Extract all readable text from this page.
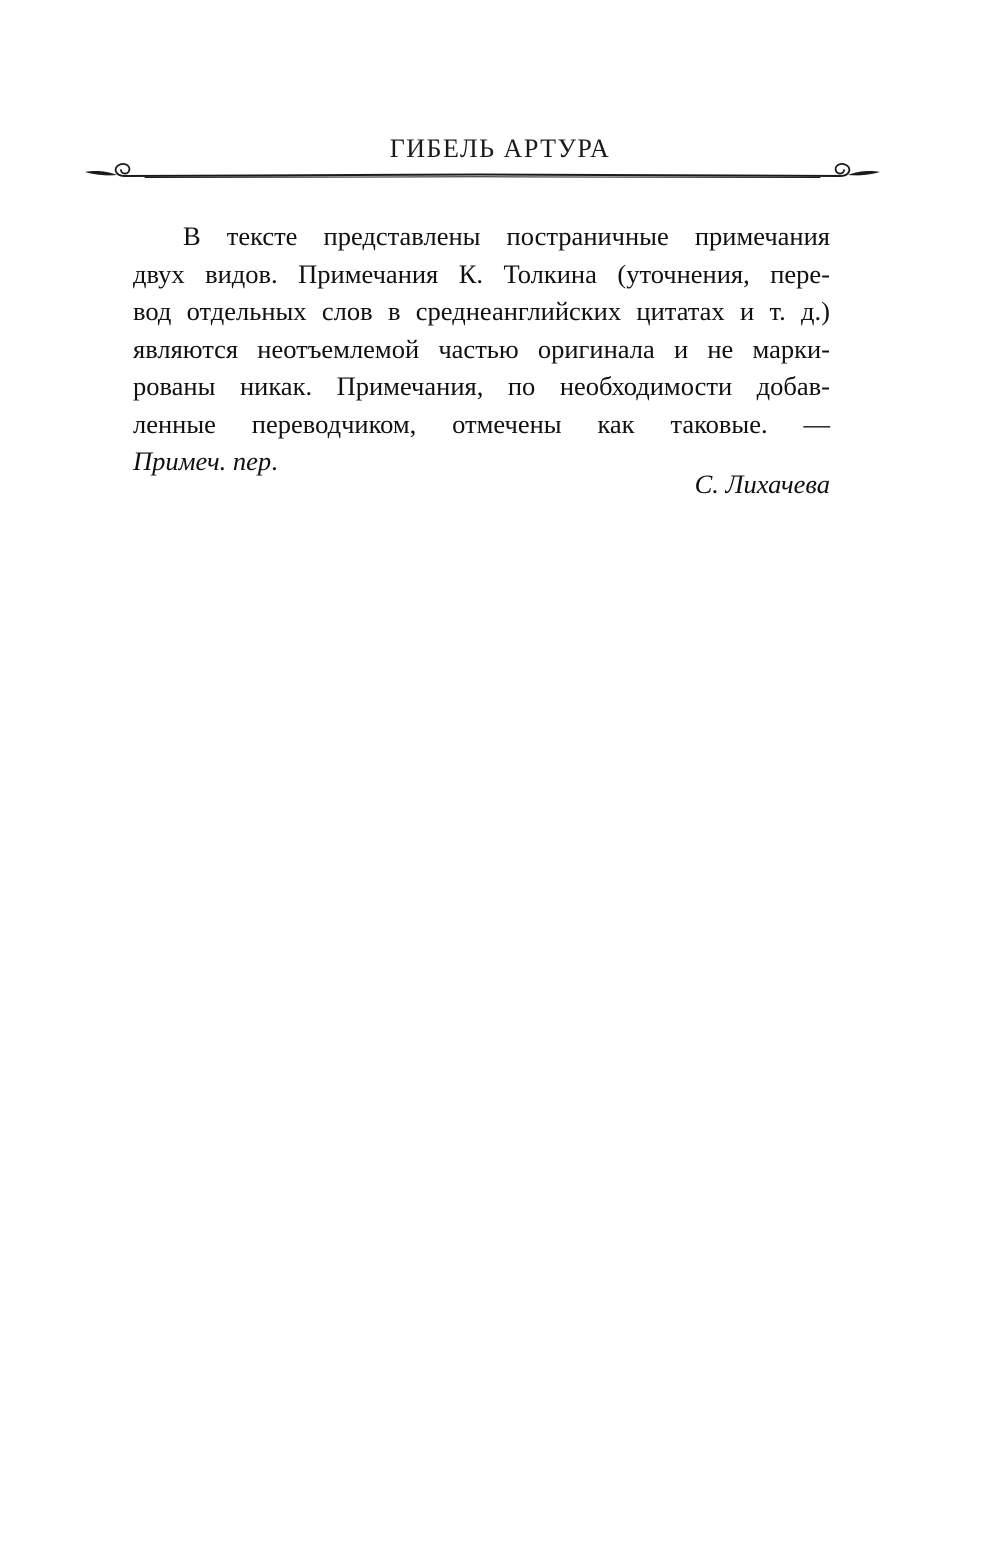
ГИБЕЛЬ АРТУРА
В тексте представлены постраничные примечания
двух видов. Примечания К. Толкина (уточнения, пере-
вод отдельных слов в среднеанглийских цитатах и т. д.)
являются неотъемлемой частью оригинала и не марки-
рованы никак. Примечания, по необходимости добав-
ленные переводчиком, отмечены как таковые. —
Примеч. пер.
С. Лихачева
